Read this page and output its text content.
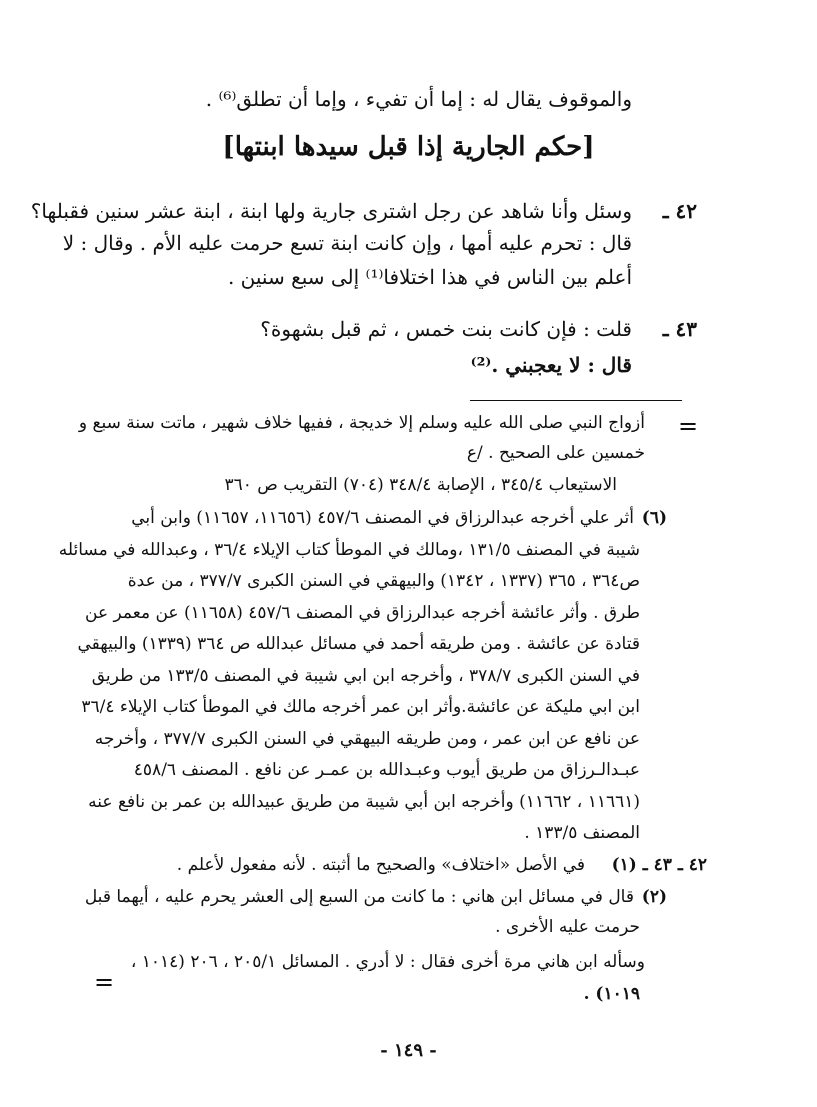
والموقوف يقال له : إما أن تفيء ، وإما أن تطلق⁽⁶⁾ .
[حكم الجارية إذا قبل سيدها ابنتها]
٤٢ ـ
وسئل وأنا شاهد عن رجل اشترى جارية ولها ابنة ، ابنة عشر سنين فقبلها؟
قال : تحرم عليه أمها ، وإن كانت ابنة تسع حرمت عليه الأم . وقال : لا
أعلم بين الناس في هذا اختلافا⁽¹⁾ إلى سبع سنين .
٤٣ ـ
قلت : فإن كانت بنت خمس ، ثم قبل بشهوة؟
قال : لا يعجبني .⁽²⁾
=
أزواج النبي صلى الله عليه وسلم إلا خديجة ، ففيها خلاف شهير ، ماتت سنة سبع و
خمسين على الصحيح . /ع
الاستيعاب ٣٤٥/٤ ، الإصابة ٣٤٨/٤ (٧٠٤) التقريب ص ٣٦٠
(٦)
أثر علي أخرجه عبدالرزاق في المصنف ٤٥٧/٦ (١١٦٥٦، ١١٦٥٧) وابن أبي
شيبة في المصنف ١٣١/٥ ،ومالك في الموطأ كتاب الإيلاء ٣٦/٤ ، وعبدالله في مسائله
ص٣٦٤ ، ٣٦٥ (١٣٣٧ ، ١٣٤٢) والبيهقي في السنن الكبرى ٣٧٧/٧ ، من عدة
طرق . وأثر عائشة أخرجه عبدالرزاق في المصنف ٤٥٧/٦ (١١٦٥٨) عن معمر عن
قتادة عن عائشة . ومن طريقه أحمد في مسائل عبدالله ص ٣٦٤ (١٣٣٩) والبيهقي
في السنن الكبرى ٣٧٨/٧ ، وأخرجه ابن ابي شيبة في المصنف ١٣٣/٥ من طريق
ابن ابي مليكة عن عائشة.وأثر ابن عمر أخرجه مالك في الموطأ كتاب الإيلاء ٣٦/٤
عن نافع عن ابن عمر ، ومن طريقه البيهقي في السنن الكبرى ٣٧٧/٧ ، وأخرجه
عبـدالـرزاق من طريق أيوب وعبـدالله بن عمـر عن نافع . المصنف ٤٥٨/٦
(١١٦٦١ ، ١١٦٦٢) وأخرجه ابن أبي شيبة من طريق عبيدالله بن عمر بن نافع عنه
المصنف ١٣٣/٥ .
٤٢ ـ ٤٣ ـ (١)
في الأصل «اختلاف» والصحيح ما أثبته . لأنه مفعول لأعلم .
(٢)
قال في مسائل ابن هاني : ما كانت من السبع إلى العشر يحرم عليه ، أيهما قبل
حرمت عليه الأخرى .
وسأله ابن هاني مرة أخرى فقال : لا أدري . المسائل ٢٠٥/١ ، ٢٠٦ (١٠١٤ ،
١٠١٩) .
=
- ١٤٩ -
